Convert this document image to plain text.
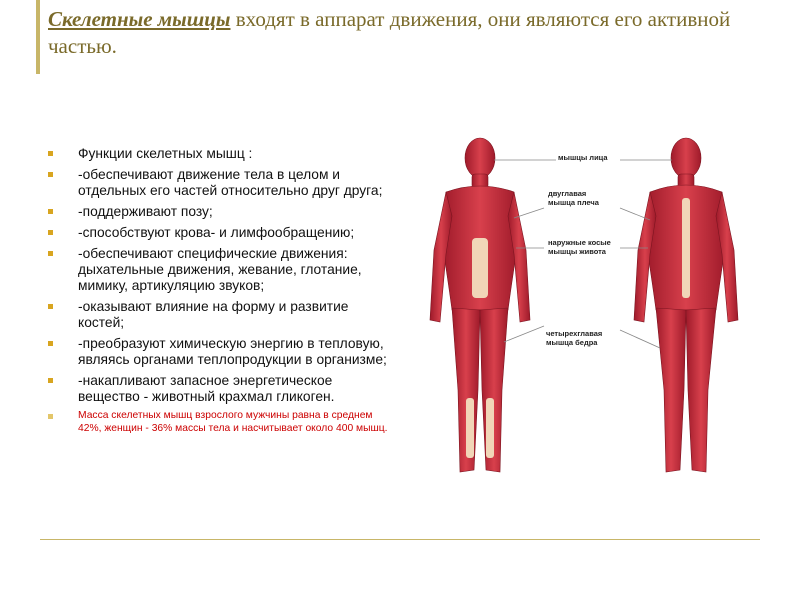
Скелетные мышцы входят в аппарат движения, они являются его активной частью.
Функции скелетных мышц :
-обеспечивают движение тела в целом и отдельных его частей относительно друг друга;
-поддерживают позу;
-способствуют крова- и лимфообращению;
-обеспечивают специфические движения: дыхательные движения, жевание, глотание, мимику, артикуляцию звуков;
-оказывают влияние на форму и развитие костей;
-преобразуют химическую энергию в тепловую, являясь органами теплопродукции в организме;
-накапливают запасное энергетическое вещество - животный крахмал гликоген.
Масса скелетных мышц взрослого мужчины равна в среднем 42%, женщин - 36% массы тела и насчитывает около 400 мышц.
мышцы лица
двуглавая
мышца плеча
наружные косые
мышцы живота
четырехглавая
мышца бедра
